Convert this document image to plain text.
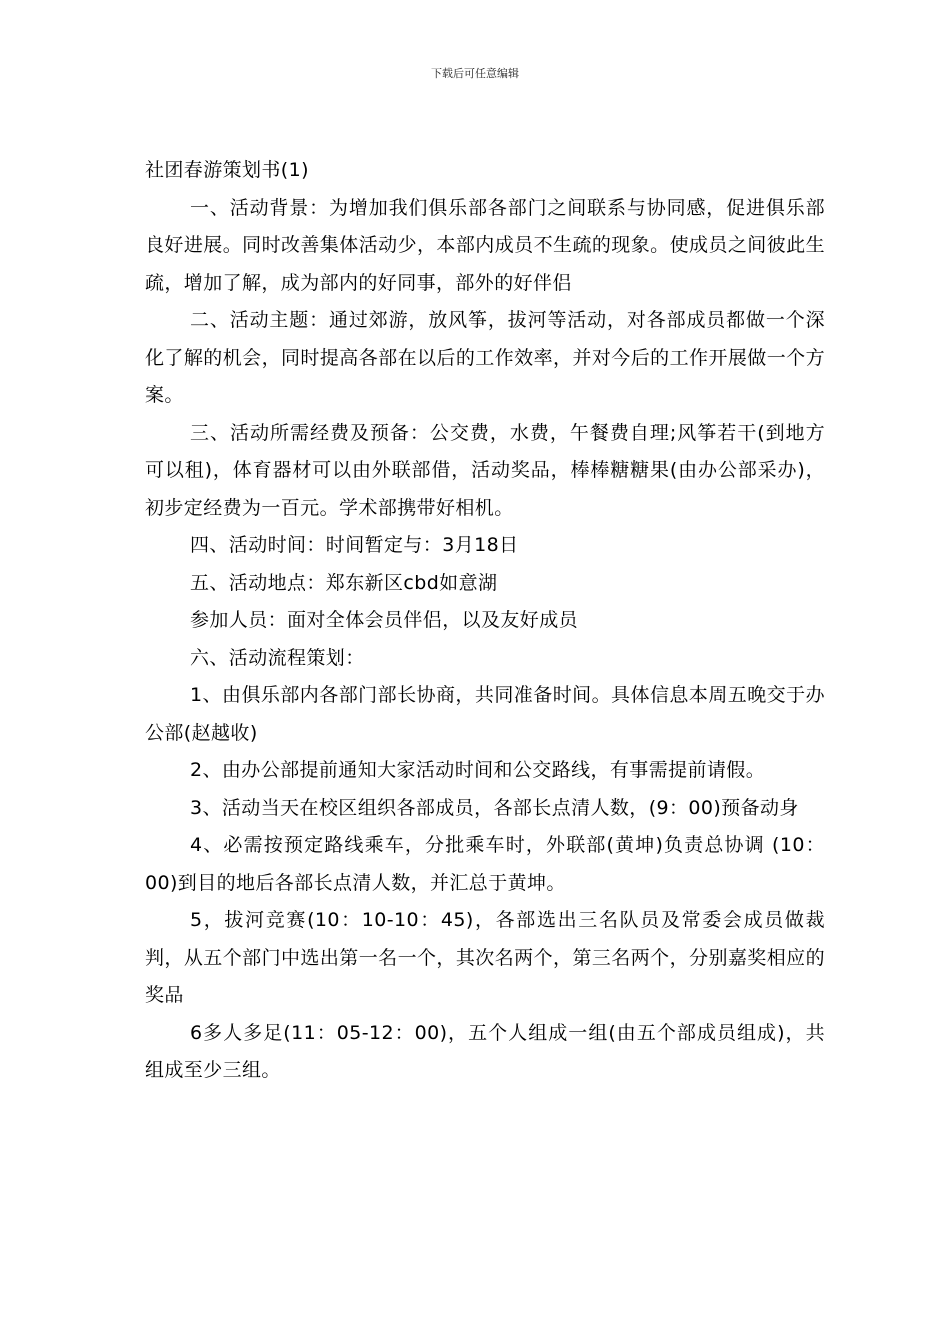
下载后可任意编辑
社团春游策划书(1)

一、活动背景：为增加我们俱乐部各部门之间联系与协同感，促进俱乐部良好进展。同时改善集体活动少，本部内成员不生疏的现象。使成员之间彼此生疏，增加了解，成为部内的好同事，部外的好伴侣

二、活动主题：通过郊游，放风筝，拔河等活动，对各部成员都做一个深化了解的机会，同时提高各部在以后的工作效率，并对今后的工作开展做一个方案。

三、活动所需经费及预备：公交费，水费，午餐费自理;风筝若干(到地方可以租)，体育器材可以由外联部借，活动奖品，棒棒糖糖果(由办公部采办)，初步定经费为一百元。学术部携带好相机。

四、活动时间：时间暂定与：3月18日

五、活动地点：郑东新区cbd如意湖

参加人员：面对全体会员伴侣，以及友好成员

六、活动流程策划：

1、由俱乐部内各部门部长协商，共同准备时间。具体信息本周五晚交于办公部(赵越收)

2、由办公部提前通知大家活动时间和公交路线，有事需提前请假。

3、活动当天在校区组织各部成员，各部长点清人数，(9：00)预备动身

4、必需按预定路线乘车，分批乘车时，外联部(黄坤)负责总协调 (10：00)到目的地后各部长点清人数，并汇总于黄坤。

5，拔河竞赛(10：10-10：45)，各部选出三名队员及常委会成员做裁判，从五个部门中选出第一名一个，其次名两个，第三名两个，分别嘉奖相应的奖品

6多人多足(11：05-12：00)，五个人组成一组(由五个部成员组成)，共组成至少三组。
